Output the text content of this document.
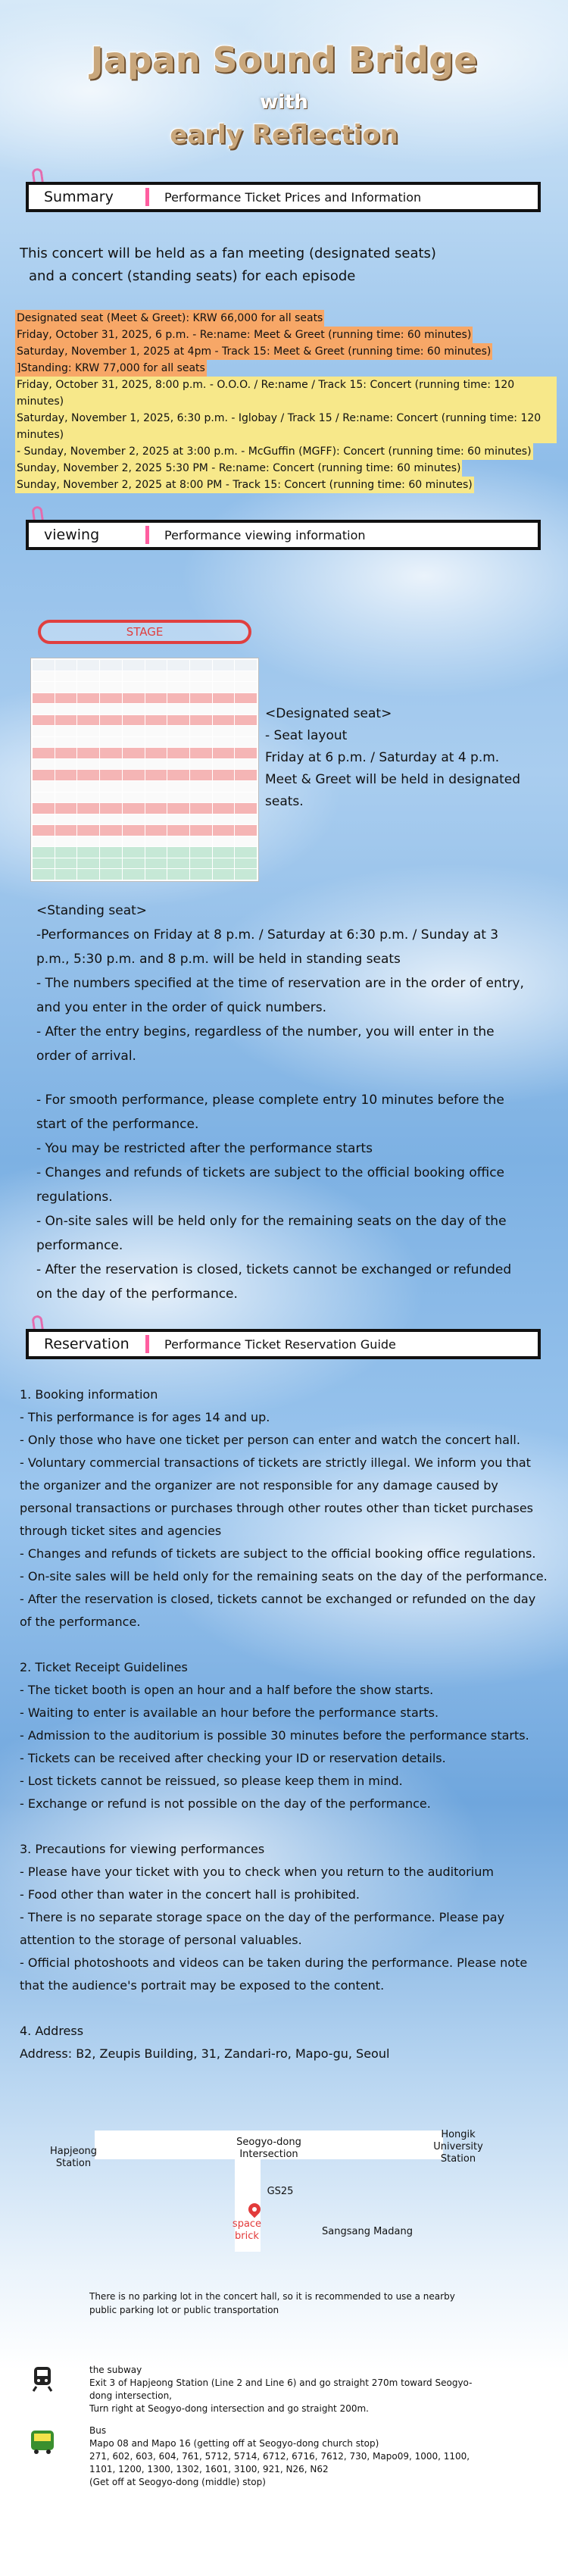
Japan Sound Bridge
with
early Reflection
Summary	Performance Ticket Prices and Information
This concert will be held as a fan meeting (designated seats)
and a concert (standing seats) for each episode
Designated seat (Meet & Greet): KRW 66,000 for all seats
Friday, October 31, 2025, 6 p.m. - Re:name: Meet & Greet (running time: 60 minutes)
Saturday, November 1, 2025 at 4pm - Track 15: Meet & Greet (running time: 60 minutes)
]Standing: KRW 77,000 for all seats
Friday, October 31, 2025, 8:00 p.m. - O.O.O. / Re:name / Track 15: Concert (running time: 120 minutes)
Saturday, November 1, 2025, 6:30 p.m. - Iglobay / Track 15 / Re:name: Concert (running time: 120 minutes)
- Sunday, November 2, 2025 at 3:00 p.m. - McGuffin (MGFF): Concert (running time: 60 minutes)
Sunday, November 2, 2025 5:30 PM - Re:name: Concert (running time: 60 minutes)
Sunday, November 2, 2025 at 8:00 PM - Track 15: Concert (running time: 60 minutes)
viewing	Performance viewing information
STAGE
<Designated seat>
- Seat layout
Friday at 6 p.m. / Saturday at 4 p.m.
Meet & Greet will be held in designated seats.
<Standing seat>
-Performances on Friday at 8 p.m. / Saturday at 6:30 p.m. / Sunday at 3 p.m., 5:30 p.m. and 8 p.m. will be held in standing seats
- The numbers specified at the time of reservation are in the order of entry, and you enter in the order of quick numbers.
- After the entry begins, regardless of the number, you will enter in the order of arrival.
- For smooth performance, please complete entry 10 minutes before the start of the performance.
- You may be restricted after the performance starts
- Changes and refunds of tickets are subject to the official booking office regulations.
- On-site sales will be held only for the remaining seats on the day of the performance.
- After the reservation is closed, tickets cannot be exchanged or refunded on the day of the performance.
Reservation	Performance Ticket Reservation Guide
1. Booking information
- This performance is for ages 14 and up.
- Only those who have one ticket per person can enter and watch the concert hall.
- Voluntary commercial transactions of tickets are strictly illegal. We inform you that the organizer and the organizer are not responsible for any damage caused by personal transactions or purchases through other routes other than ticket purchases through ticket sites and agencies
- Changes and refunds of tickets are subject to the official booking office regulations.
- On-site sales will be held only for the remaining seats on the day of the performance.
- After the reservation is closed, tickets cannot be exchanged or refunded on the day of the performance.
2. Ticket Receipt Guidelines
- The ticket booth is open an hour and a half before the show starts.
- Waiting to enter is available an hour before the performance starts.
- Admission to the auditorium is possible 30 minutes before the performance starts.
- Tickets can be received after checking your ID or reservation details.
- Lost tickets cannot be reissued, so please keep them in mind.
- Exchange or refund is not possible on the day of the performance.
3. Precautions for viewing performances
- Please have your ticket with you to check when you return to the auditorium
- Food other than water in the concert hall is prohibited.
- There is no separate storage space on the day of the performance. Please pay attention to the storage of personal valuables.
- Official photoshoots and videos can be taken during the performance. Please note that the audience's portrait may be exposed to the content.
4. Address
Address: B2, Zeupis Building, 31, Zandari-ro, Mapo-gu, Seoul
Hapjeong Station
Seogyo-dong Intersection
Hongik University Station
GS25
space brick	Sangsang Madang
There is no parking lot in the concert hall, so it is recommended to use a nearby public parking lot or public transportation
the subway
Exit 3 of Hapjeong Station (Line 2 and Line 6) and go straight 270m toward Seogyo-dong intersection,
Turn right at Seogyo-dong intersection and go straight 200m.
Bus
Mapo 08 and Mapo 16 (getting off at Seogyo-dong church stop)
271, 602, 603, 604, 761, 5712, 5714, 6712, 6716, 7612, 730, Mapo09, 1000, 1100, 1101, 1200, 1300, 1302, 1601, 3100, 921, N26, N62
(Get off at Seogyo-dong (middle) stop)
